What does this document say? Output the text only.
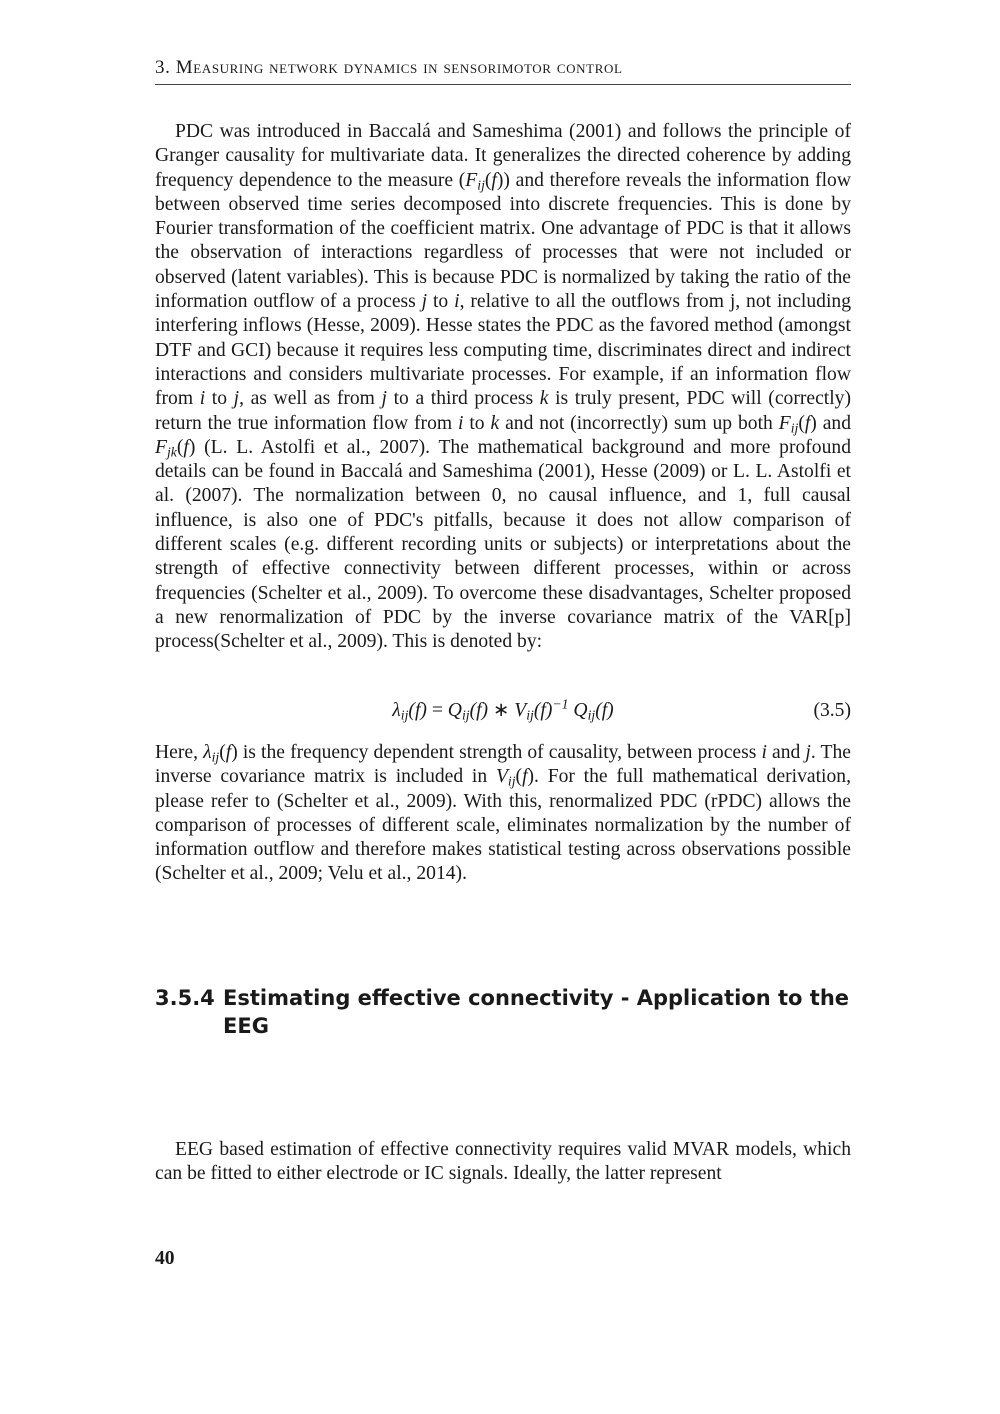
3. Measuring network dynamics in sensorimotor control

PDC was introduced in Baccalá and Sameshima (2001) and follows the principle of Granger causality for multivariate data. It generalizes the directed coherence by adding frequency dependence to the measure $(F_{ij}(f))$ and therefore reveals the information flow between observed time series decomposed into discrete frequencies. This is done by Fourier transformation of the coefficient matrix. One advantage of PDC is that it allows the observation of interactions regardless of processes that were not included or observed (latent variables). This is because PDC is normalized by taking the ratio of the information outflow of a process j to i, relative to all the outflows from j, not including interfering inflows (Hesse, 2009). Hesse states the PDC as the favored method (amongst DTF and GCI) because it requires less computing time, discriminates direct and indirect interactions and considers multivariate processes. For example, if an information flow from i to j, as well as from j to a third process k is truly present, PDC will (correctly) return the true information flow from i to k and not (incorrectly) sum up both $F_{ij}(f)$ and $F_{jk}(f)$ (L. L. Astolfi et al., 2007). The mathematical background and more profound details can be found in Baccalá and Sameshima (2001), Hesse (2009) or L. L. Astolfi et al. (2007). The normalization between 0, no causal influence, and 1, full causal influence, is also one of PDC's pitfalls, because it does not allow comparison of different scales (e.g. different recording units or subjects) or interpretations about the strength of effective connectivity between different processes, within or across frequencies (Schelter et al., 2009). To overcome these disadvantages, Schelter proposed a new renormalization of PDC by the inverse covariance matrix of the VAR[p] process(Schelter et al., 2009). This is denoted by:

$\lambda_{ij}(f) = Q_{ij}(f)$ ∗ $V_{ij}(f)^{-1}$ $Q_{ij}(f)$	(3.5)

Here, $\lambda_{ij}(f)$ is the frequency dependent strength of causality, between process i and j. The inverse covariance matrix is included in $V_{ij}(f)$. For the full mathematical derivation, please refer to (Schelter et al., 2009). With this, renormalized PDC (rPDC) allows the comparison of processes of different scale, eliminates normalization by the number of information outflow and therefore makes statistical testing across observations possible (Schelter et al., 2009; Velu et al., 2014).

3.5.4 Estimating effective connectivity - Application to the EEG

EEG based estimation of effective connectivity requires valid MVAR models, which can be fitted to either electrode or IC signals. Ideally, the latter represent

40
